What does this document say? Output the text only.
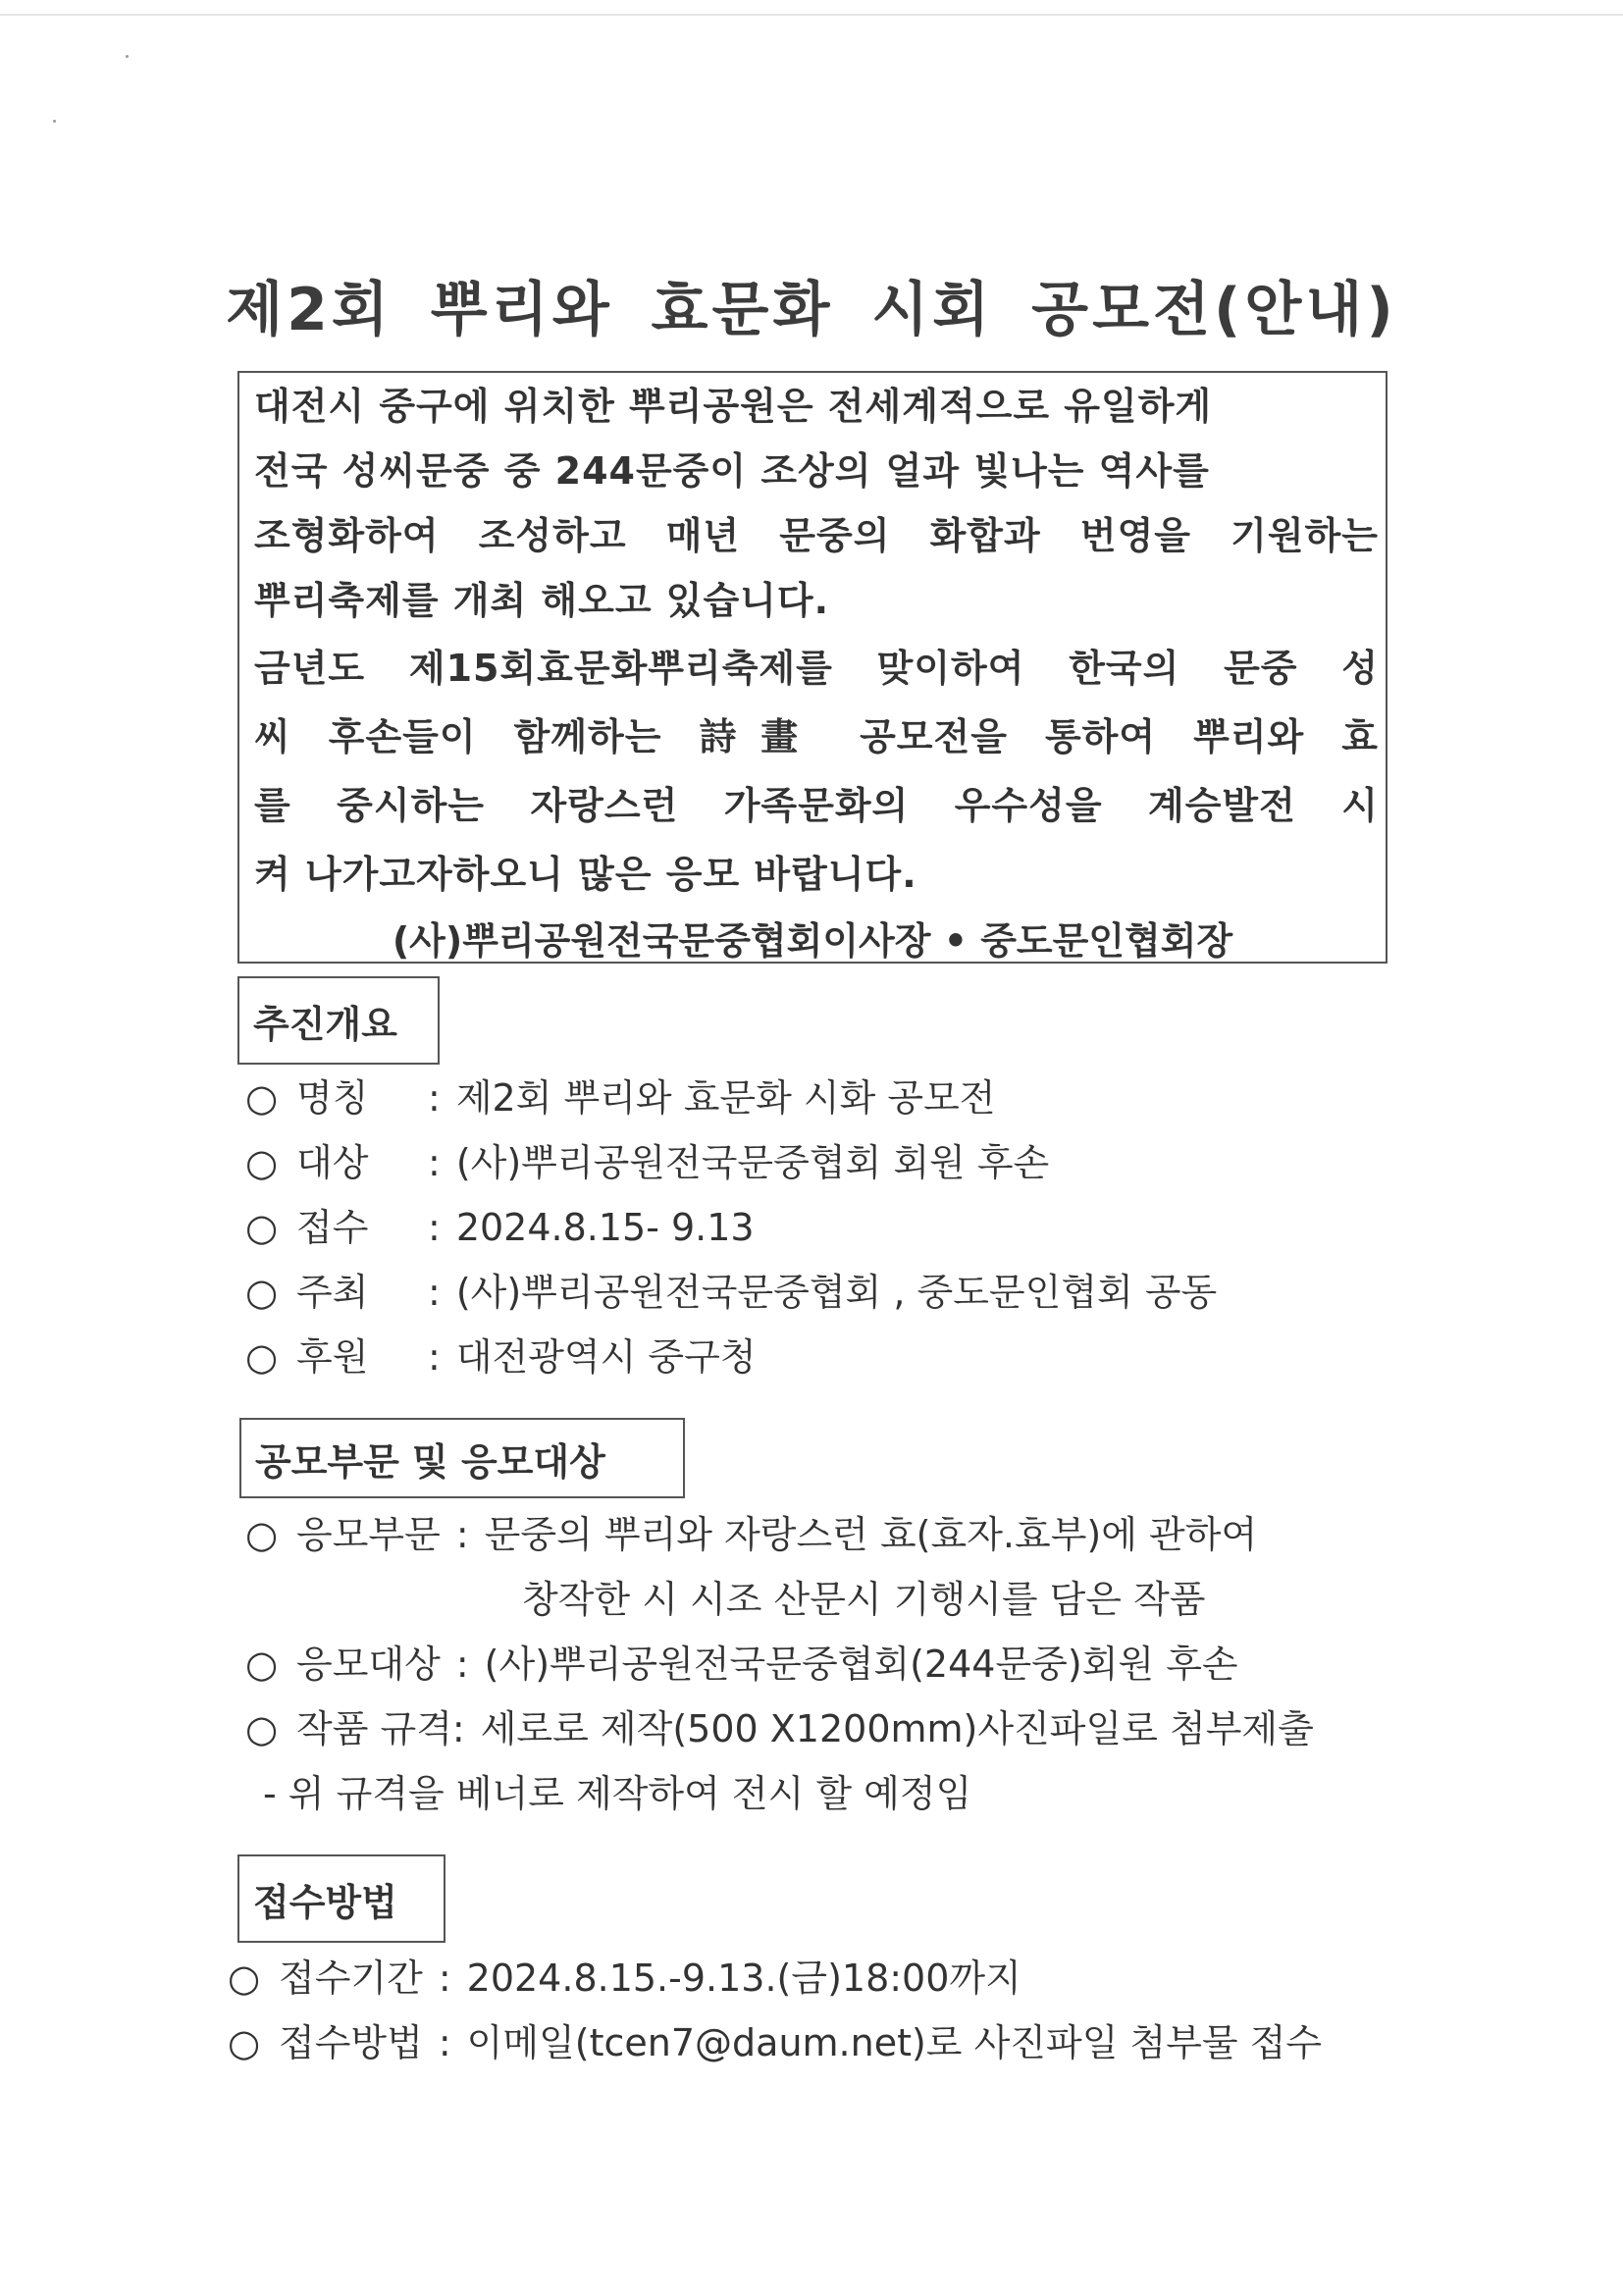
제2회 뿌리와 효문화 시회 공모전(안내)
대전시 중구에 위치한 뿌리공원은 전세계적으로 유일하게
전국 성씨문중 중 244문중이 조상의 얼과 빛나는 역사를
조형화하여 조성하고 매년 문중의 화합과 번영을 기원하는
뿌리축제를 개최 해오고 있습니다.
금년도 제15회효문화뿌리축제를 맞이하여 한국의 문중 성
씨 후손들이 함께하는 詩畫 공모전을 통하여 뿌리와 효
를 중시하는 자랑스런 가족문화의 우수성을 계승발전 시
켜 나가고자하오니 많은 응모 바랍니다.
(사)뿌리공원전국문중협회이사장 • 중도문인협회장
추진개요
○ 명칭	: 제2회 뿌리와 효문화 시화 공모전
○ 대상	: (사)뿌리공원전국문중협회 회원 후손
○ 접수	: 2024.8.15- 9.13
○ 주최	: (사)뿌리공원전국문중협회 , 중도문인협회 공동
○ 후원	: 대전광역시 중구청
공모부문 및 응모대상
○ 응모부문 : 문중의 뿌리와 자랑스런 효(효자.효부)에 관하여
창작한 시 시조 산문시 기행시를 담은 작품
○ 응모대상 : (사)뿌리공원전국문중협회(244문중)회원 후손
○ 작품 규격: 세로로 제작(500 X1200mm)사진파일로 첨부제출
- 위 규격을 베너로 제작하여 전시 할 예정임
접수방법
○ 접수기간 : 2024.8.15.-9.13.(금)18:00까지
○ 접수방법 : 이메일(tcen7@daum.net)로 사진파일 첨부물 접수
